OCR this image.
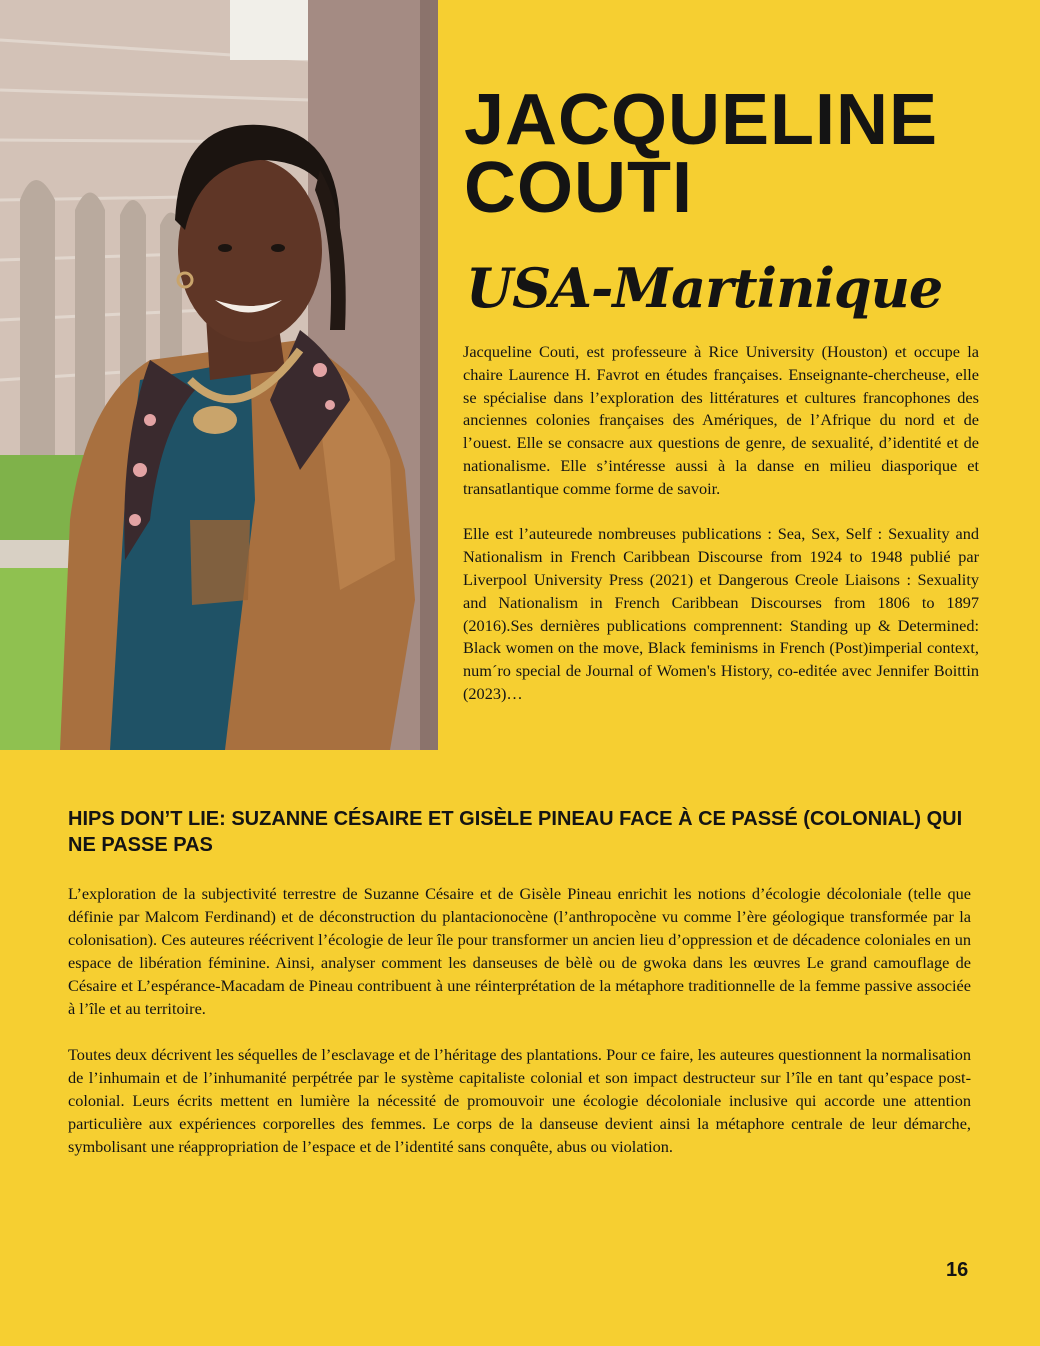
JACQUELINE
COUTI
USA-Martinique

Jacqueline Couti, est professeure à Rice University (Houston) et occupe la chaire Laurence H. Favrot en études françaises. Enseignante-chercheuse, elle se spécialise dans l’exploration des littératures et cultures francophones des anciennes colonies françaises des Amériques, de l’Afrique du nord et de l’ouest. Elle se consacre aux questions de genre, de sexualité, d’identité et de nationalisme. Elle s’intéresse aussi à la danse en milieu diasporique et transatlantique comme forme de savoir.

Elle est l’auteurede nombreuses publications : Sea, Sex, Self : Sexuality and Nationalism in French Caribbean Discourse from 1924 to 1948 publié par Liverpool University Press (2021) et Dangerous Creole Liaisons : Sexuality and Nationalism in French Caribbean Discourses from 1806 to 1897 (2016).Ses dernières publications comprennent: Standing up & Determined: Black women on the move, Black feminisms in French (Post)imperial context, num´ro special de Journal of Women's History, co-editée avec Jennifer Boittin (2023)…

HIPS DON’T LIE: SUZANNE CÉSAIRE ET GISÈLE PINEAU FACE À CE PASSÉ (COLONIAL) QUI NE PASSE PAS

L’exploration de la subjectivité terrestre de Suzanne Césaire et de Gisèle Pineau enrichit les notions d’écologie décoloniale (telle que définie par Malcom Ferdinand) et de déconstruction du plantacionocène (l’anthropocène vu comme l’ère géologique transformée par la colonisation). Ces auteures réécrivent l’écologie de leur île pour transformer un ancien lieu d’oppression et de décadence coloniales en un espace de libération féminine. Ainsi, analyser comment les danseuses de bèlè ou de gwoka dans les œuvres Le grand camouflage de Césaire et L’espérance-Macadam de Pineau contribuent à une réinterprétation de la métaphore traditionnelle de la femme passive associée à l’île et au territoire.

Toutes deux décrivent les séquelles de l’esclavage et de l’héritage des plantations. Pour ce faire, les auteures questionnent la normalisation de l’inhumain et de l’inhumanité perpétrée par le système capitaliste colonial et son impact destructeur sur l’île en tant qu’espace post-colonial. Leurs écrits mettent en lumière la nécessité de promouvoir une écologie décoloniale inclusive qui accorde une attention particulière aux expériences corporelles des femmes. Le corps de la danseuse devient ainsi la métaphore centrale de leur démarche, symbolisant une réappropriation de l’espace et de l’identité sans conquête, abus ou violation.

16
